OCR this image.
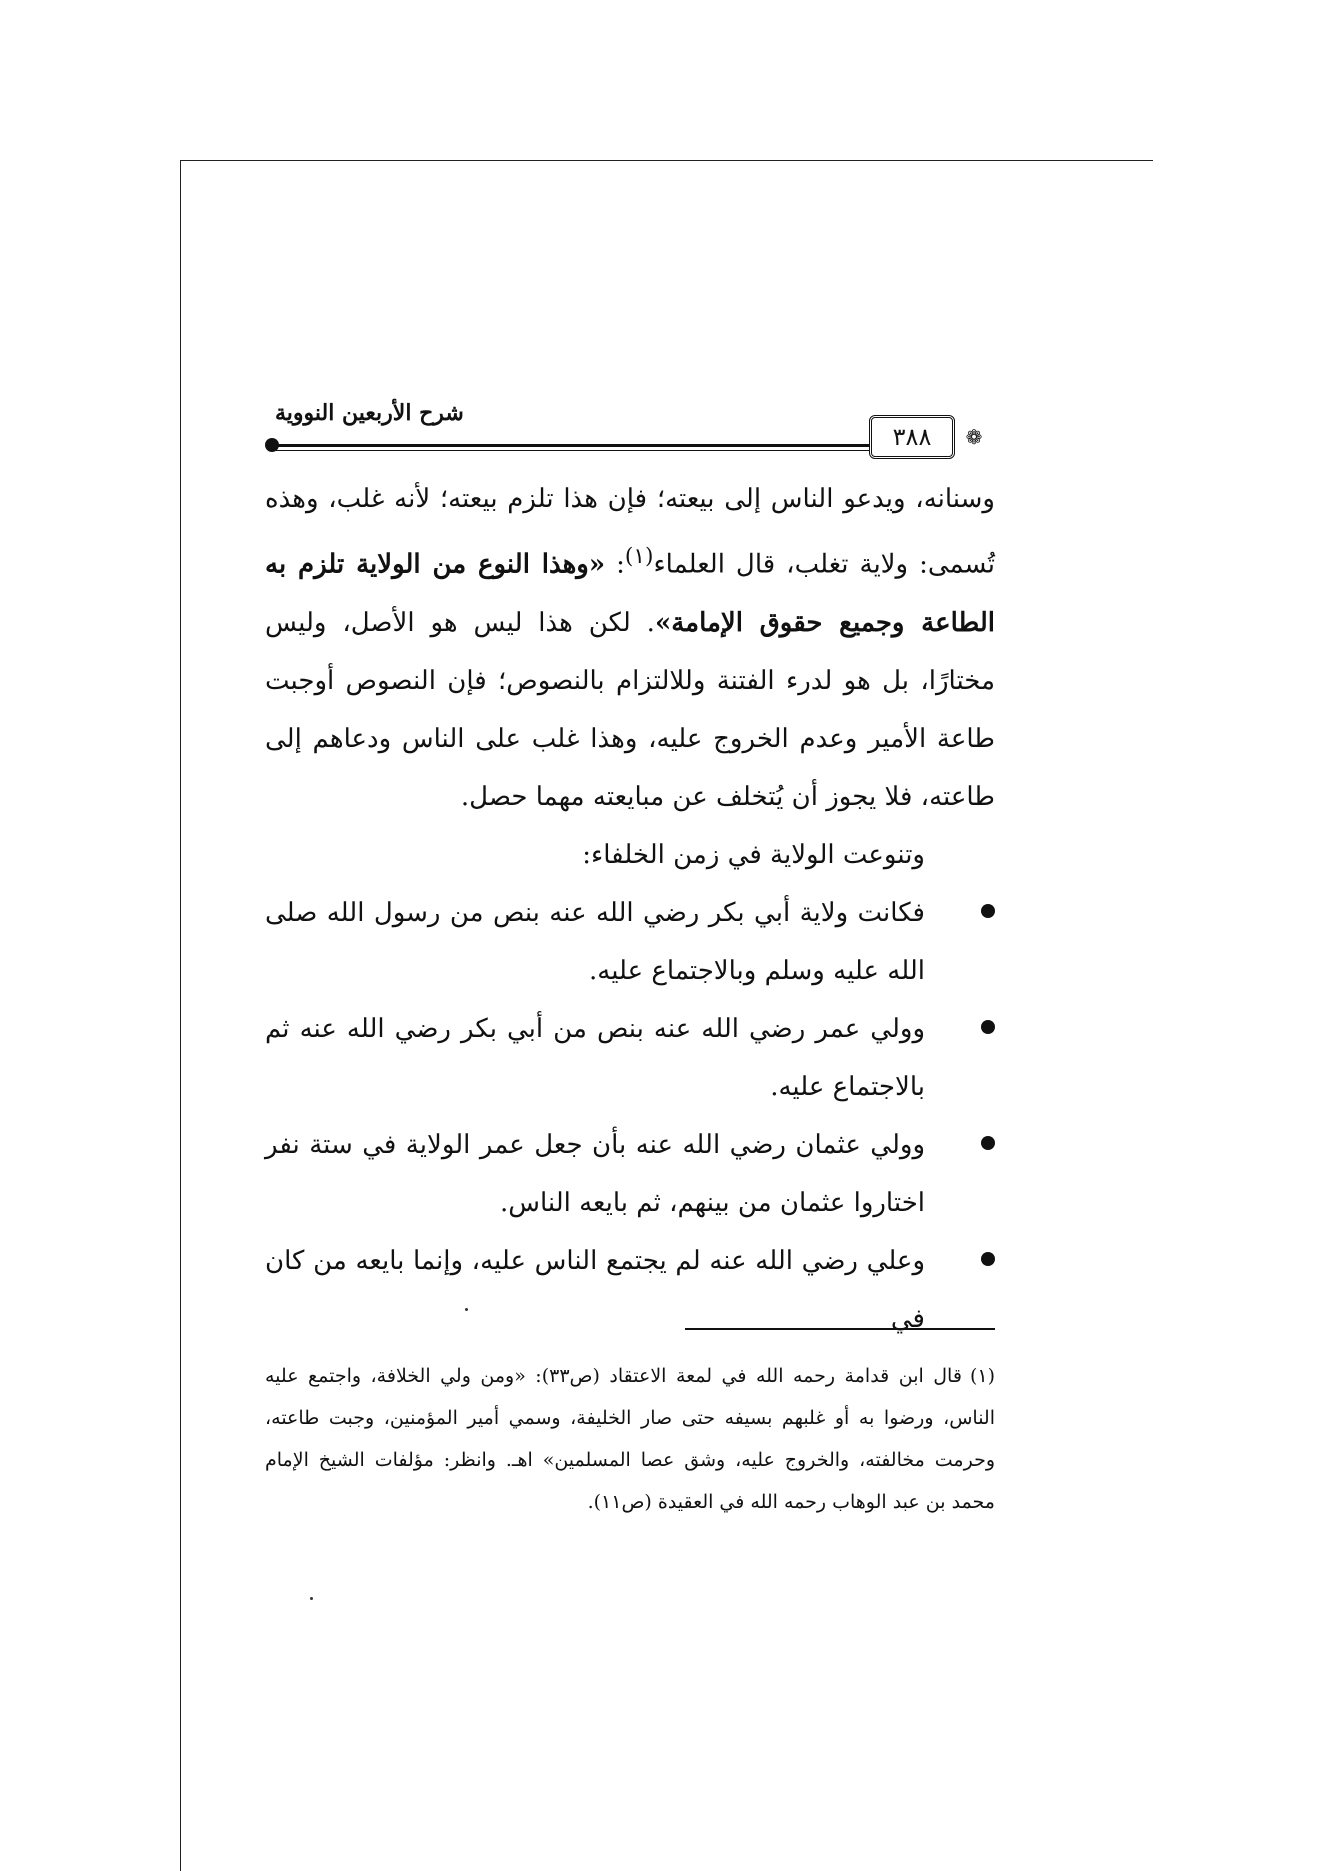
شرح الأربعين النووية
٣٨٨	❁

وسنانه، ويدعو الناس إلى بيعته؛ فإن هذا تلزم بيعته؛ لأنه غلب، وهذه تُسمى: ولاية تغلب، قال العلماء$^{(١)}$: «وهذا النوع من الولاية تلزم به الطاعة وجميع حقوق الإمامة». لكن هذا ليس هو الأصل، وليس مختارًا، بل هو لدرء الفتنة وللالتزام بالنصوص؛ فإن النصوص أوجبت طاعة الأمير وعدم الخروج عليه، وهذا غلب على الناس ودعاهم إلى طاعته، فلا يجوز أن يُتخلف عن مبايعته مهما حصل.

وتنوعت الولاية في زمن الخلفاء:

فكانت ولاية أبي بكر رضي الله عنه بنص من رسول الله صلى الله عليه وسلم وبالاجتماع عليه.
وولي عمر رضي الله عنه بنص من أبي بكر رضي الله عنه ثم بالاجتماع عليه.
وولي عثمان رضي الله عنه بأن جعل عمر الولاية في ستة نفر اختاروا عثمان من بينهم، ثم بايعه الناس.
وعلي رضي الله عنه لم يجتمع الناس عليه، وإنما بايعه من كان في

(١)قال ابن قدامة رحمه الله في لمعة الاعتقاد (ص٣٣): «ومن ولي الخلافة، واجتمع عليه الناس، ورضوا به أو غلبهم بسيفه حتى صار الخليفة، وسمي أمير المؤمنين، وجبت طاعته، وحرمت مخالفته، والخروج عليه، وشق عصا المسلمين» اهـ. وانظر: مؤلفات الشيخ الإمام محمد بن عبد الوهاب رحمه الله في العقيدة (ص١١).
